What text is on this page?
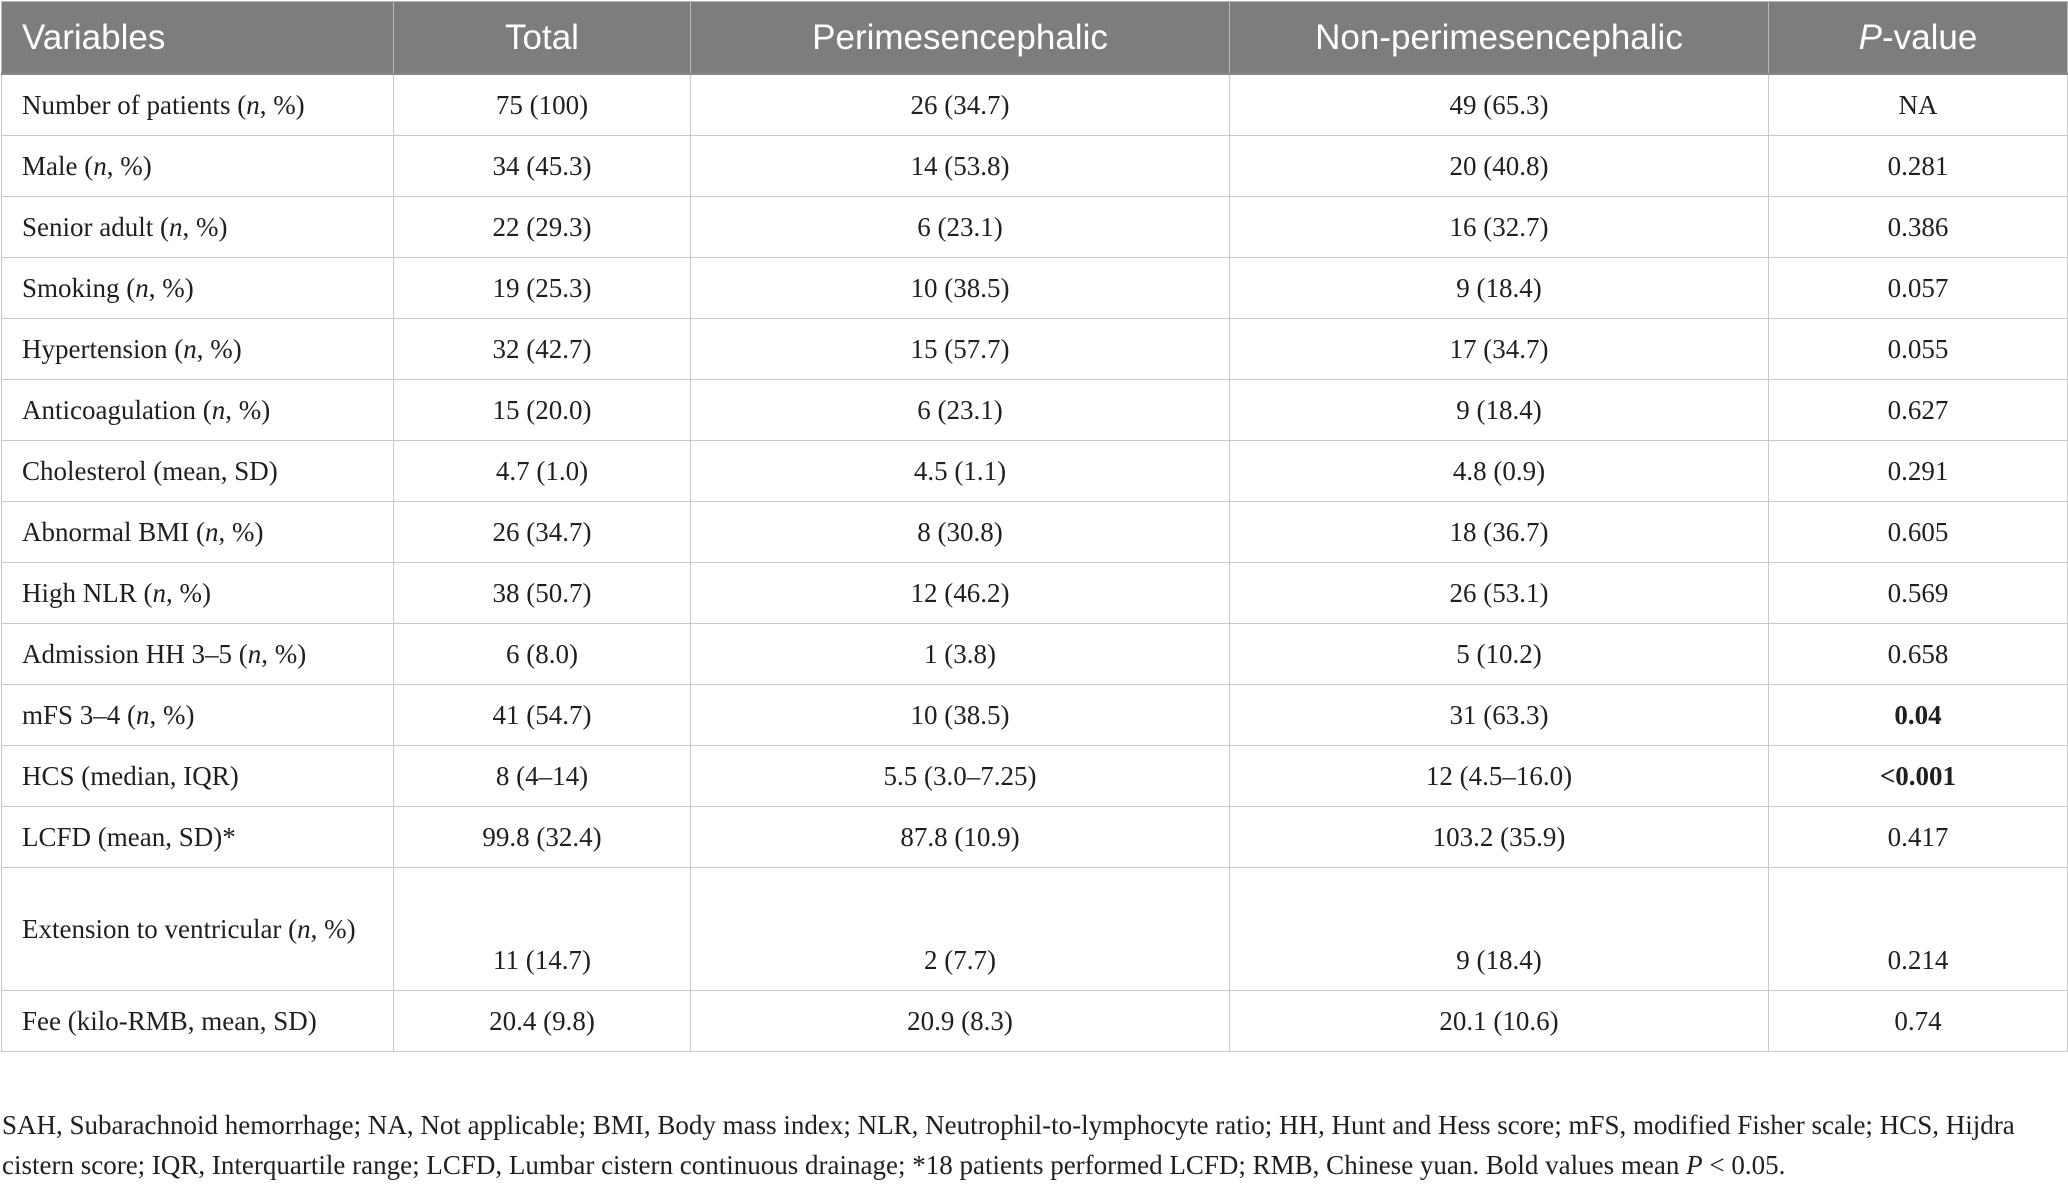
Variables	Total	Perimesencephalic	Non-perimesencephalic	P-value
Number of patients (n, %)	75 (100)	26 (34.7)	49 (65.3)	NA
Male (n, %)	34 (45.3)	14 (53.8)	20 (40.8)	0.281
Senior adult (n, %)	22 (29.3)	6 (23.1)	16 (32.7)	0.386
Smoking (n, %)	19 (25.3)	10 (38.5)	9 (18.4)	0.057
Hypertension (n, %)	32 (42.7)	15 (57.7)	17 (34.7)	0.055
Anticoagulation (n, %)	15 (20.0)	6 (23.1)	9 (18.4)	0.627
Cholesterol (mean, SD)	4.7 (1.0)	4.5 (1.1)	4.8 (0.9)	0.291
Abnormal BMI (n, %)	26 (34.7)	8 (30.8)	18 (36.7)	0.605
High NLR (n, %)	38 (50.7)	12 (46.2)	26 (53.1)	0.569
Admission HH 3–5 (n, %)	6 (8.0)	1 (3.8)	5 (10.2)	0.658
mFS 3–4 (n, %)	41 (54.7)	10 (38.5)	31 (63.3)	0.04
HCS (median, IQR)	8 (4–14)	5.5 (3.0–7.25)	12 (4.5–16.0)	<0.001
LCFD (mean, SD)*	99.8 (32.4)	87.8 (10.9)	103.2 (35.9)	0.417
Extension to ventricular (n, %)	11 (14.7)	2 (7.7)	9 (18.4)	0.214
Fee (kilo-RMB, mean, SD)	20.4 (9.8)	20.9 (8.3)	20.1 (10.6)	0.74
SAH, Subarachnoid hemorrhage; NA, Not applicable; BMI, Body mass index; NLR, Neutrophil-to-lymphocyte ratio; HH, Hunt and Hess score; mFS, modified Fisher scale; HCS, Hijdra cistern score; IQR, Interquartile range; LCFD, Lumbar cistern continuous drainage; *18 patients performed LCFD; RMB, Chinese yuan. Bold values mean P < 0.05.
